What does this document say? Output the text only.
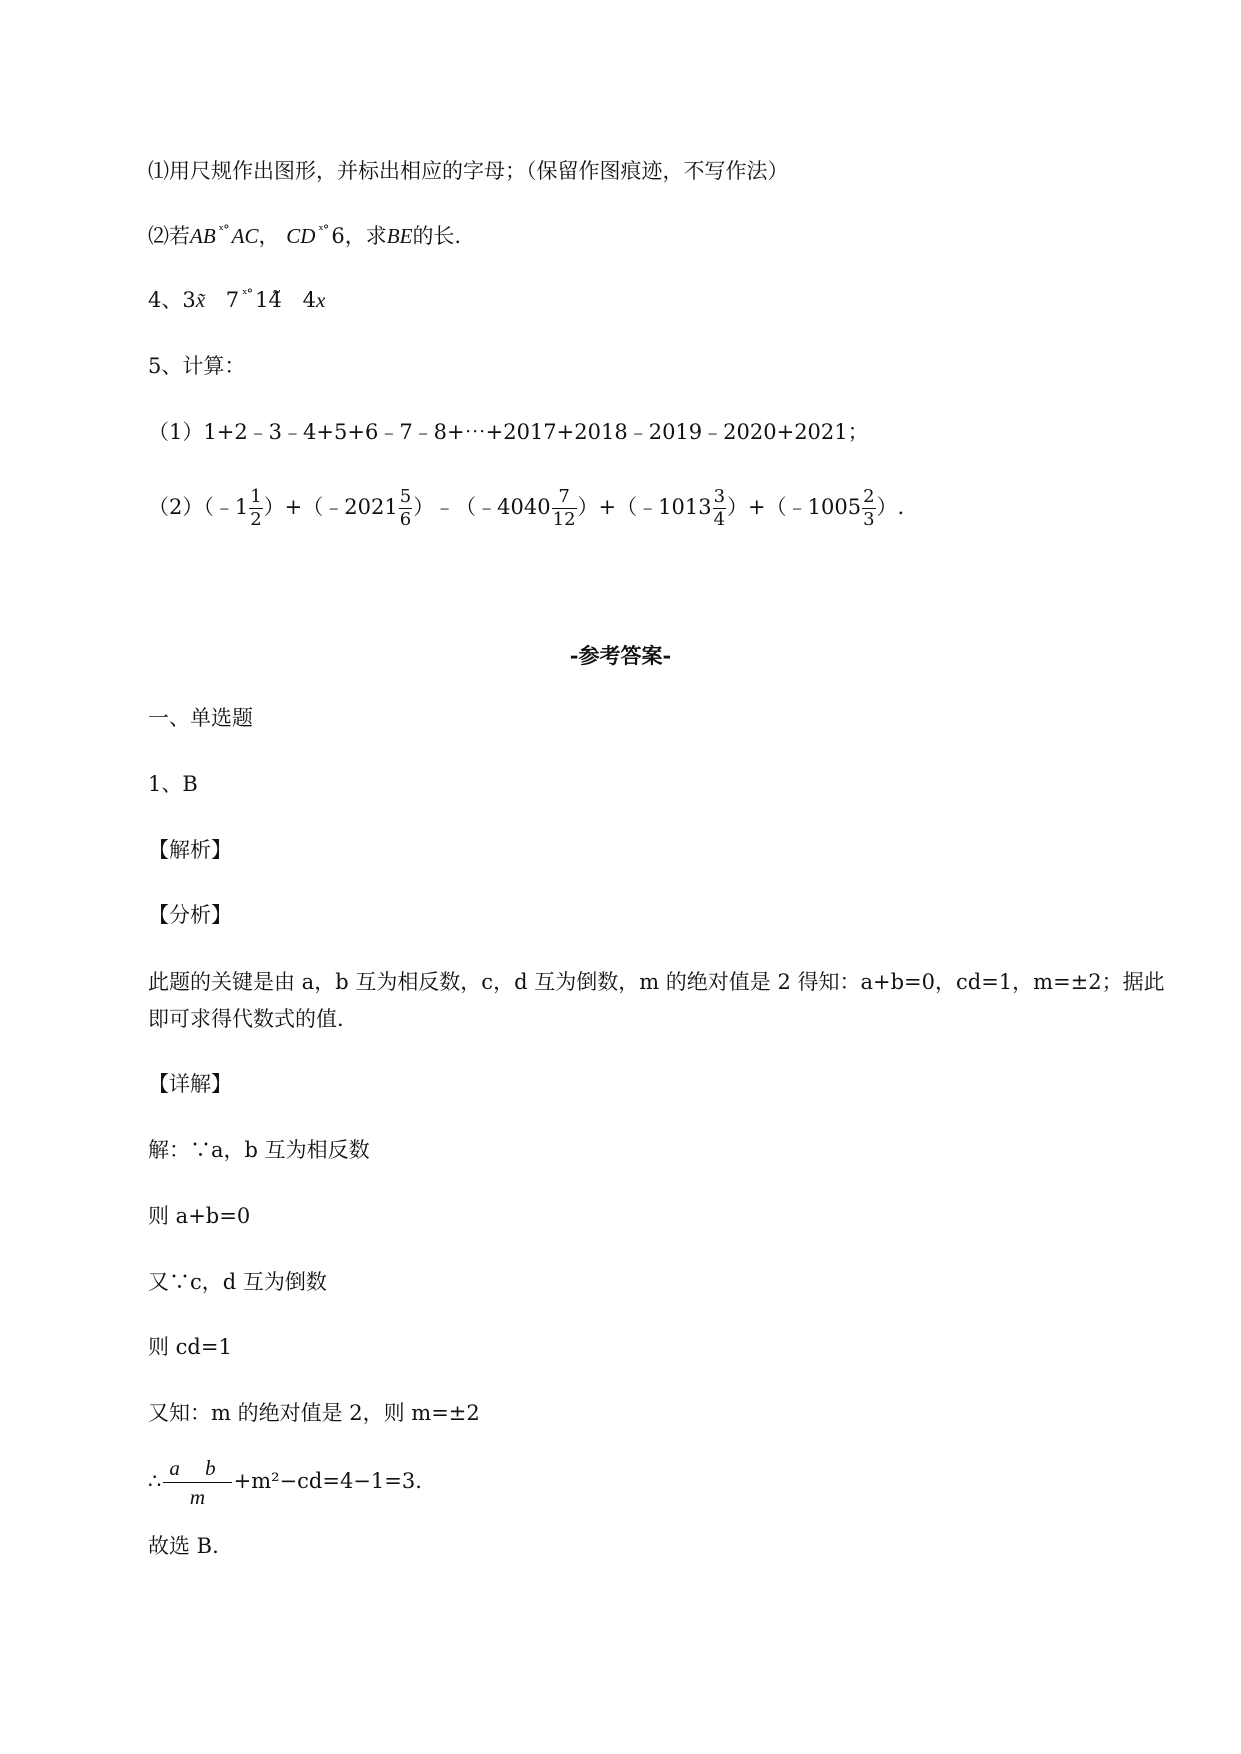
⑴用尺规作出图形，并标出相应的字母；（保留作图痕迹，不写作法）
⑵若AB $^{ˣ^\circ}$ AC， CD $^{ˣ^\circ}$ 6，求BE的长.
4、3x̃ 7 $^{ˣ^\circ}$ 14̃ 4x
5、计算：
（1）1+2﹣3﹣4+5+6﹣7﹣8+⋯+2017+2018﹣2019﹣2020+2021；
（2）（﹣1 $\frac{1}{2}$ ）+（﹣2021 $\frac{5}{6}$ ）﹣（﹣4040 $\frac{7}{12}$ ）+（﹣1013 $\frac{3}{4}$ ）+（﹣1005 $\frac{2}{3}$ ）.
-参考答案-
一、单选题
1、B
【解析】
【分析】
此题的关键是由 a，b 互为相反数，c，d 互为倒数，m 的绝对值是 2 得知：a+b=0，cd=1，m=±2；据此
即可求得代数式的值.
【详解】
解：∵a，b 互为相反数
则 a+b=0
又∵c，d 互为倒数
则 cd=1
又知：m 的绝对值是 2，则 m=±2
∴ $\frac{\text{a b}}{m} +m^2-cd=4-1=3$.
故选 B.
